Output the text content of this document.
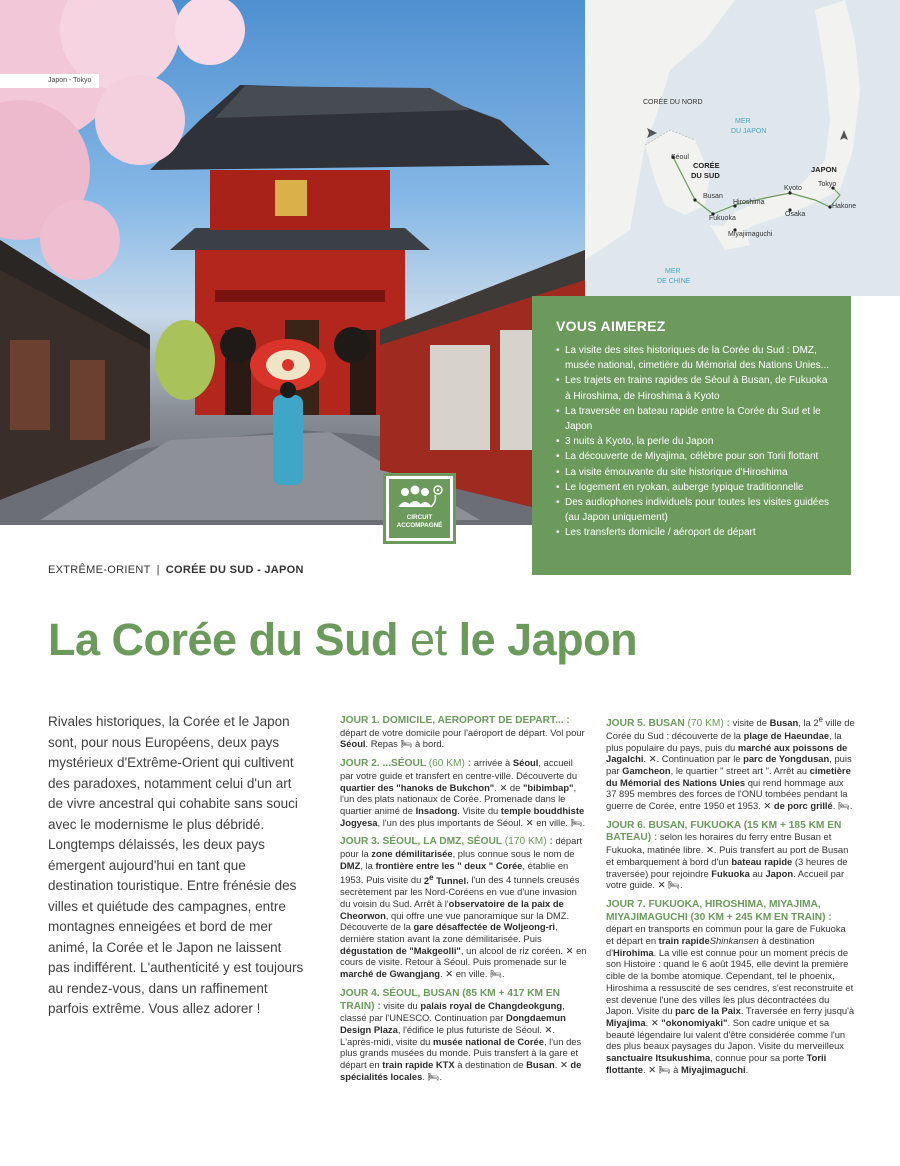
Japon - Tokyo
CORÉE DU NORD
MER
DU JAPON
Séoul
CORÉE
DU SUD
JAPON
Tokyo
Kyoto
Busan
Hiroshima
Hakone
Osaka
Fukuoka
Miyajimaguchi
MER
DE CHINE
VOUS AIMEREZ
• La visite des sites historiques de la Corée du Sud : DMZ, musée national, cimetière du Mémorial des Nations Unies...
• Les trajets en trains rapides de Séoul à Busan, de Fukuoka à Hiroshima, de Hiroshima à Kyoto
• La traversée en bateau rapide entre la Corée du Sud et le Japon
• 3 nuits à Kyoto, la perle du Japon
• La découverte de Miyajima, célèbre pour son Torii flottant
• La visite émouvante du site historique d'Hiroshima
• Le logement en ryokan, auberge typique traditionnelle
• Des audiophones individuels pour toutes les visites guidées (au Japon uniquement)
• Les transferts domicile / aéroport de départ
CIRCUIT
ACCOMPAGNÉ
EXTRÊME-ORIENT | CORÉE DU SUD - JAPON
La Corée du Sud et le Japon

Rivales historiques, la Corée et le Japon sont, pour nous Européens, deux pays mystérieux d'Extrême-Orient qui cultivent des paradoxes, notamment celui d'un art de vivre ancestral qui cohabite sans souci avec le modernisme le plus débridé. Longtemps délaissés, les deux pays émergent aujourd'hui en tant que destination touristique. Entre frénésie des villes et quiétude des campagnes, entre montagnes enneigées et bord de mer animé, la Corée et le Japon ne laissent pas indifférent. L'authenticité y est toujours au rendez-vous, dans un raffinement parfois extrême. Vous allez adorer !

JOUR 1. DOMICILE, AEROPORT DE DEPART... : départ de votre domicile pour l'aéroport de départ. Vol pour Séoul. Repas 🛏 à bord.
JOUR 2. ...SÉOUL (60 KM) : arrivée à Séoul, accueil par votre guide et transfert en centre-ville. Découverte du quartier des "hanoks de Bukchon". ✕ de "bibimbap", l'un des plats nationaux de Corée. Promenade dans le quartier animé de Insadong. Visite du temple bouddhiste Jogyesa, l'un des plus importants de Séoul. ✕ en ville. 🛏.
JOUR 3. SÉOUL, LA DMZ, SÉOUL (170 KM) : départ pour la zone démilitarisée, plus connue sous le nom de DMZ, la frontière entre les " deux " Corée, établie en 1953. Puis visite du 2e Tunnel, l'un des 4 tunnels creusés secrètement par les Nord-Coréens en vue d'une invasion du voisin du Sud. Arrêt à l'observatoire de la paix de Cheorwon, qui offre une vue panoramique sur la DMZ. Découverte de la gare désaffectée de Woljeong-ri, dernière station avant la zone démilitarisée. Puis dégustation de "Makgeolli", un alcool de riz coréen. ✕ en cours de visite. Retour à Séoul. Puis promenade sur le marché de Gwangjang. ✕ en ville. 🛏.
JOUR 4. SÉOUL, BUSAN (85 KM + 417 KM EN TRAIN) : visite du palais royal de Changdeokgung, classé par l'UNESCO. Continuation par Dongdaemun Design Plaza, l'édifice le plus futuriste de Séoul. ✕. L'après-midi, visite du musée national de Corée, l'un des plus grands musées du monde. Puis transfert à la gare et départ en train rapide KTX à destination de Busan. ✕ de spécialités locales. 🛏.
JOUR 5. BUSAN (70 KM) : visite de Busan, la 2e ville de Corée du Sud : découverte de la plage de Haeundae, la plus populaire du pays, puis du marché aux poissons de Jagalchi. ✕. Continuation par le parc de Yongdusan, puis par Gamcheon, le quartier " street art ". Arrêt au cimetière du Mémorial des Nations Unies qui rend hommage aux 37 895 membres des forces de l'ONU tombées pendant la guerre de Corée, entre 1950 et 1953. ✕ de porc grillé. 🛏.
JOUR 6. BUSAN, FUKUOKA (15 KM + 185 KM EN BATEAU) : selon les horaires du ferry entre Busan et Fukuoka, matinée libre. ✕. Puis transfert au port de Busan et embarquement à bord d'un bateau rapide (3 heures de traversée) pour rejoindre Fukuoka au Japon. Accueil par votre guide. ✕ 🛏.
JOUR 7. FUKUOKA, HIROSHIMA, MIYAJIMA, MIYAJIMAGUCHI (30 KM + 245 KM EN TRAIN) : départ en transports en commun pour la gare de Fukuoka et départ en train rapideShinkansen à destination d'Hirohima. La ville est connue pour un moment précis de son Histoire : quand le 6 août 1945, elle devint la première cible de la bombe atomique. Cependant, tel le phoenix, Hiroshima a ressuscité de ses cendres, s'est reconstruite et est devenue l'une des villes les plus décontractées du Japon. Visite du parc de la Paix. Traversée en ferry jusqu'à Miyajima. ✕ "okonomiyaki". Son cadre unique et sa beauté légendaire lui valent d'être considérée comme l'un des plus beaux paysages du Japon. Visite du merveilleux sanctuaire Itsukushima, connue pour sa porte Torii flottante. ✕ 🛏 à Miyajimaguchi.
